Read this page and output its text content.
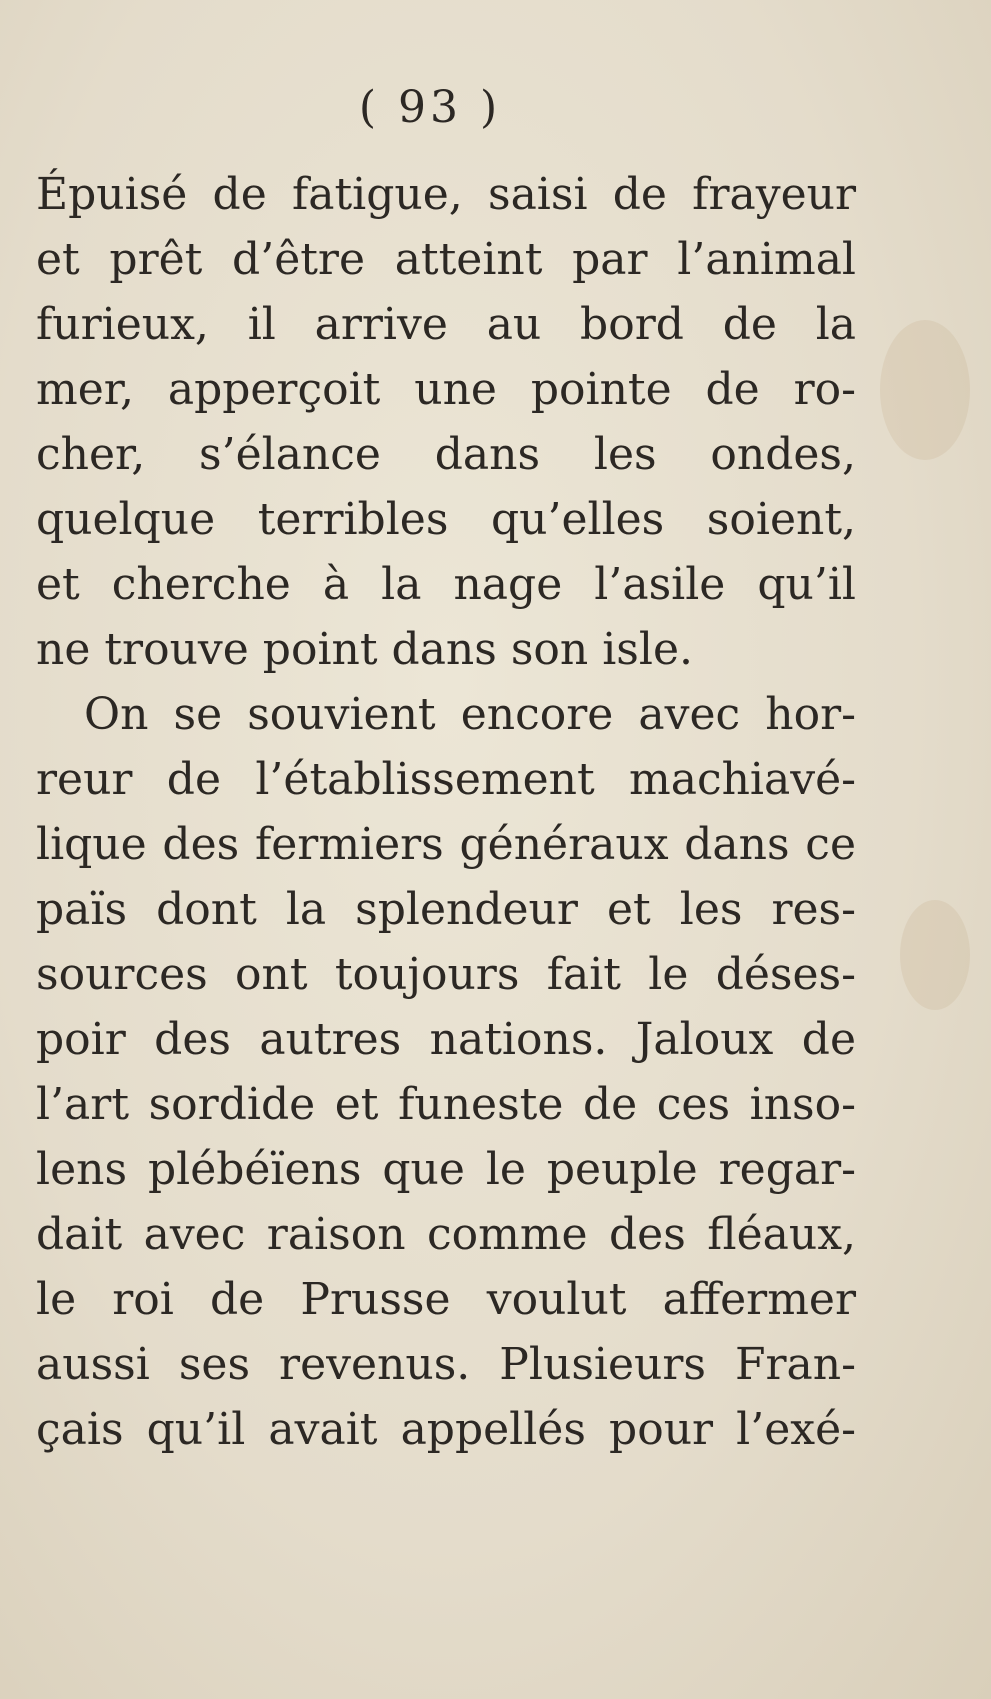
( 93 )
Épuisé de fatigue, saisi de frayeur
et prêt d’être atteint par l’animal
furieux, il arrive au bord de la
mer, apperçoit une pointe de ro-
cher, s’élance dans les ondes,
quelque terribles qu’elles soient,
et cherche à la nage l’asile qu’il
ne trouve point dans son isle.
On se souvient encore avec hor-
reur de l’établissement machiavé-
lique des fermiers généraux dans ce
païs dont la splendeur et les res-
sources ont toujours fait le déses-
poir des autres nations. Jaloux de
l’art sordide et funeste de ces inso-
lens plébéïens que le peuple regar-
dait avec raison comme des fléaux,
le roi de Prusse voulut affermer
aussi ses revenus. Plusieurs Fran-
çais qu’il avait appellés pour l’exé-
